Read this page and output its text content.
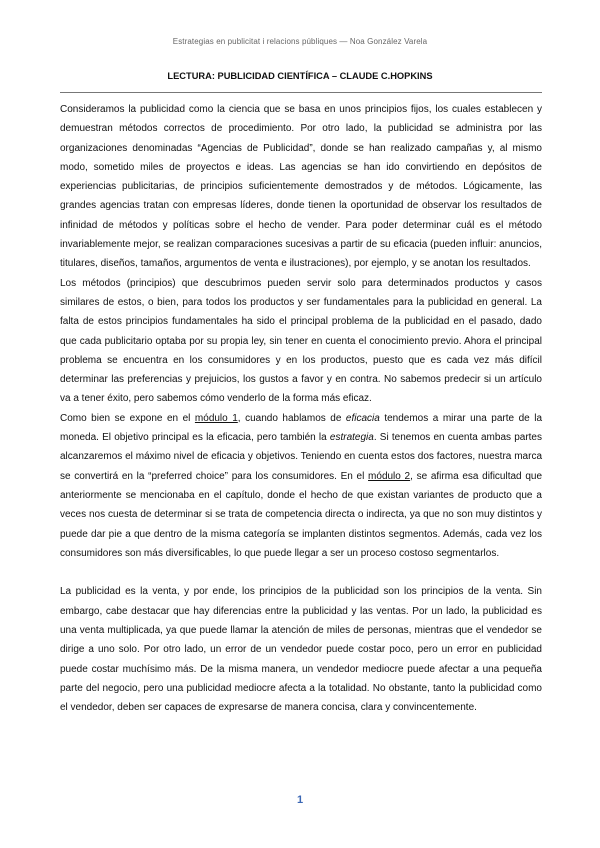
Estrategias en publicitat i relacions públiques — Noa González Varela
LECTURA: PUBLICIDAD CIENTÍFICA – CLAUDE C.HOPKINS

Consideramos la publicidad como la ciencia que se basa en unos principios fijos, los cuales establecen y demuestran métodos correctos de procedimiento. Por otro lado, la publicidad se administra por las organizaciones denominadas “Agencias de Publicidad”, donde se han realizado campañas y, al mismo modo, sometido miles de proyectos e ideas. Las agencias se han ido convirtiendo en depósitos de experiencias publicitarias, de principios suficientemente demostrados y de métodos. Lógicamente, las grandes agencias tratan con empresas líderes, donde tienen la oportunidad de observar los resultados de infinidad de métodos y políticas sobre el hecho de vender. Para poder determinar cuál es el método invariablemente mejor, se realizan comparaciones sucesivas a partir de su eficacia (pueden influir: anuncios, titulares, diseños, tamaños, argumentos de venta e ilustraciones), por ejemplo, y se anotan los resultados.

Los métodos (principios) que descubrimos pueden servir solo para determinados productos y casos similares de estos, o bien, para todos los productos y ser fundamentales para la publicidad en general. La falta de estos principios fundamentales ha sido el principal problema de la publicidad en el pasado, dado que cada publicitario optaba por su propia ley, sin tener en cuenta el conocimiento previo. Ahora el principal problema se encuentra en los consumidores y en los productos, puesto que es cada vez más difícil determinar las preferencias y prejuicios, los gustos a favor y en contra. No sabemos predecir si un artículo va a tener éxito, pero sabemos cómo venderlo de la forma más eficaz.

Como bien se expone en el módulo 1, cuando hablamos de eficacia tendemos a mirar una parte de la moneda. El objetivo principal es la eficacia, pero también la estrategia. Si tenemos en cuenta ambas partes alcanzaremos el máximo nivel de eficacia y objetivos. Teniendo en cuenta estos dos factores, nuestra marca se convertirá en la “preferred choice” para los consumidores. En el módulo 2, se afirma esa dificultad que anteriormente se mencionaba en el capítulo, donde el hecho de que existan variantes de producto que a veces nos cuesta de determinar si se trata de competencia directa o indirecta, ya que no son muy distintos y puede dar pie a que dentro de la misma categoría se implanten distintos segmentos. Además, cada vez los consumidores son más diversificables, lo que puede llegar a ser un proceso costoso segmentarlos.

La publicidad es la venta, y por ende, los principios de la publicidad son los principios de la venta. Sin embargo, cabe destacar que hay diferencias entre la publicidad y las ventas. Por un lado, la publicidad es una venta multiplicada, ya que puede llamar la atención de miles de personas, mientras que el vendedor se dirige a uno solo. Por otro lado, un error de un vendedor puede costar poco, pero un error en publicidad puede costar muchísimo más. De la misma manera, un vendedor mediocre puede afectar a una pequeña parte del negocio, pero una publicidad mediocre afecta a la totalidad. No obstante, tanto la publicidad como el vendedor, deben ser capaces de expresarse de manera concisa, clara y convincentemente.

1
